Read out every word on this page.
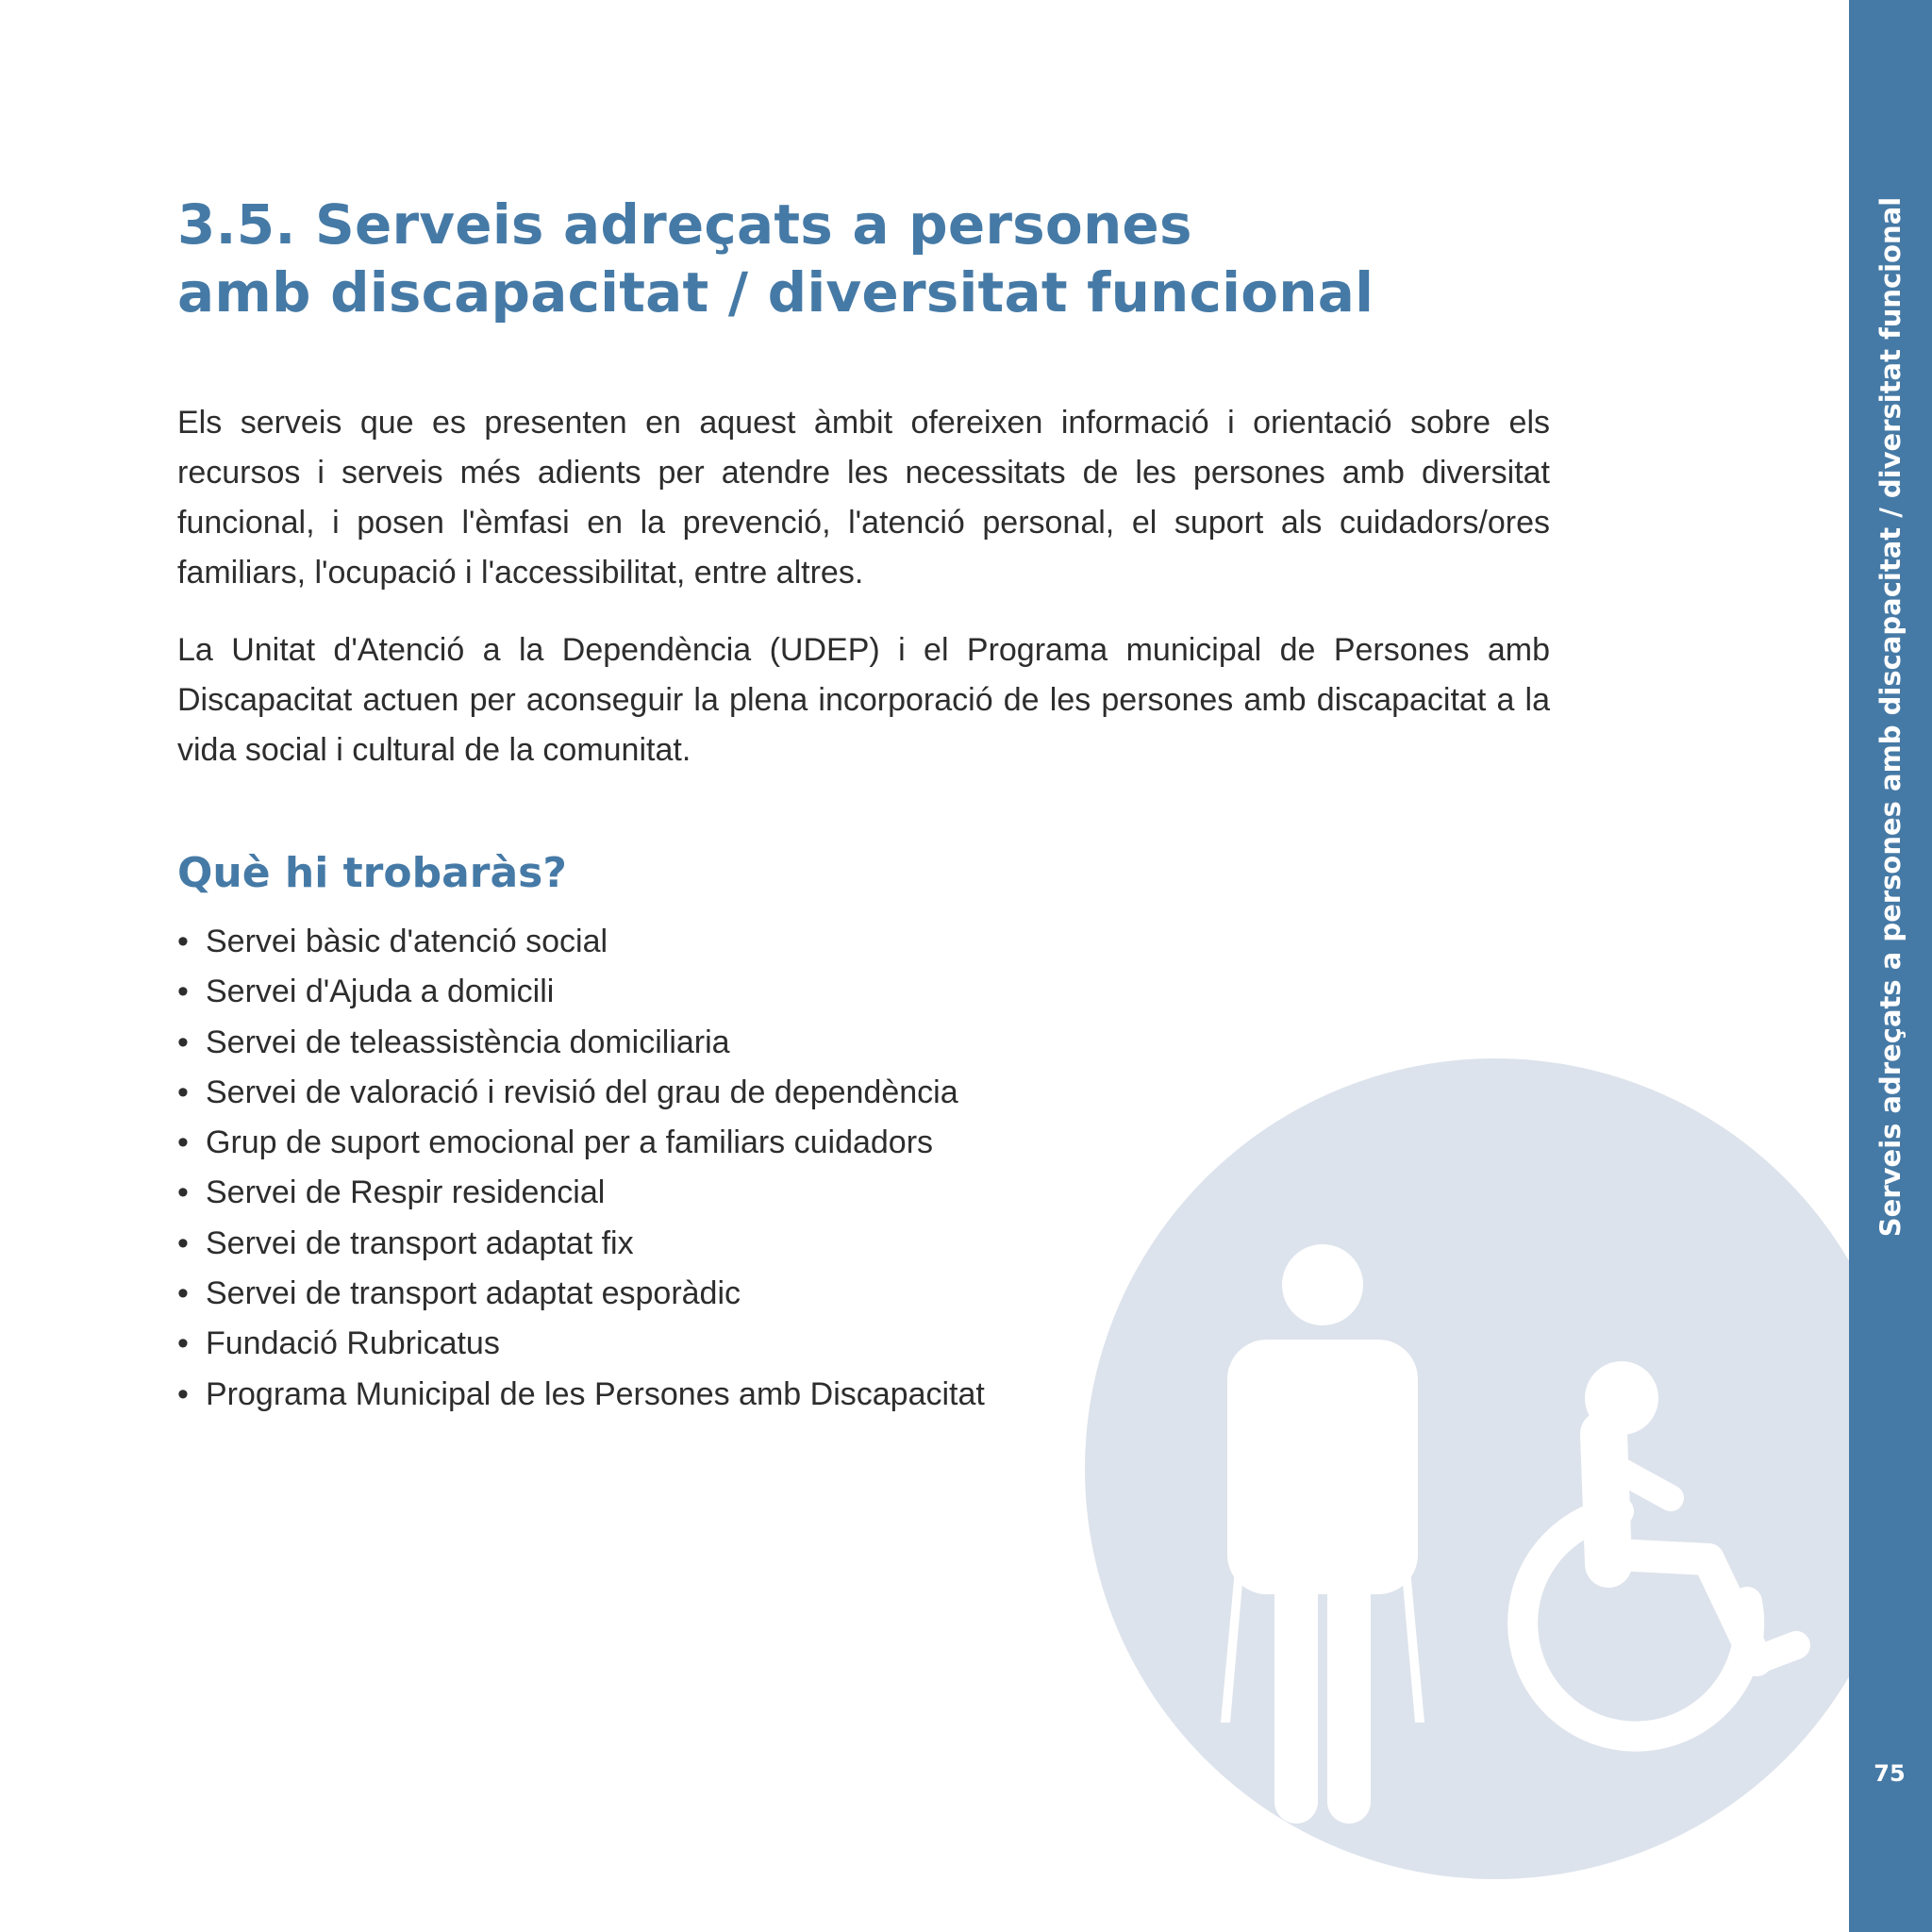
3.5. Serveis adreçats a persones
amb discapacitat / diversitat funcional

Els serveis que es presenten en aquest àmbit ofereixen informació i orientació sobre els recursos i serveis més adients per atendre les necessitats de les persones amb diversitat funcional, i posen l'èmfasi en la prevenció, l'atenció personal, el suport als cuidadors/ores familiars, l'ocupació i l'accessibilitat, entre altres.

La Unitat d'Atenció a la Dependència (UDEP) i el Programa municipal de Persones amb Discapacitat actuen per aconseguir la plena incorporació de les persones amb discapacitat a la vida social i cultural de la comunitat.

Què hi trobaràs?
• Servei bàsic d'atenció social
• Servei d'Ajuda a domicili
• Servei de teleassistència domiciliaria
• Servei de valoració i revisió del grau de dependència
• Grup de suport emocional per a familiars cuidadors
• Servei de Respir residencial
• Servei de transport adaptat fix
• Servei de transport adaptat esporàdic
• Fundació Rubricatus
• Programa Municipal de les Persones amb Discapacitat
Serveis adreçats a persones amb discapacitat / diversitat funcional
75
